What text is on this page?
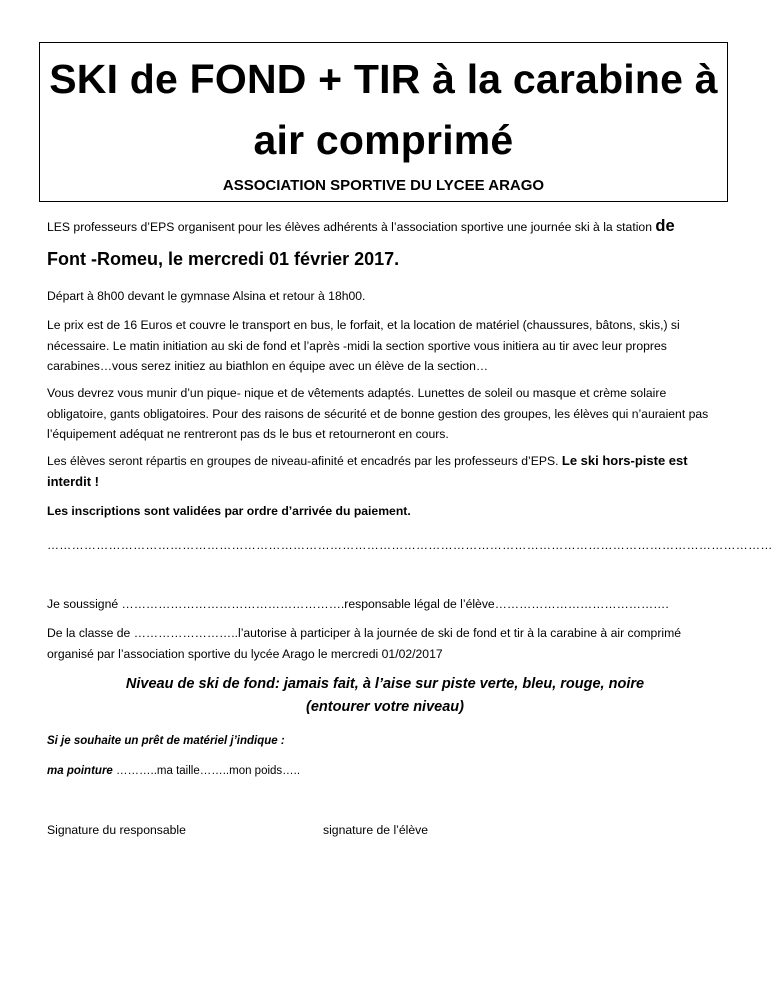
SKI de FOND + TIR à la carabine à air comprimé
ASSOCIATION SPORTIVE DU LYCEE ARAGO
LES professeurs d’EPS organisent pour les élèves adhérents à l’association sportive une journée ski à la station de
Font -Romeu, le mercredi 01 février 2017.
Départ à 8h00 devant le gymnase Alsina et retour à 18h00.
Le prix est de 16 Euros et couvre le transport en bus, le forfait, et la location de matériel (chaussures, bâtons, skis,) si nécessaire. Le matin initiation au ski de fond et l’après -midi la section sportive vous initiera au tir avec leur propres carabines…vous serez initiez au biathlon en équipe avec un élève de la section…
Vous devrez vous munir d’un pique- nique et de vêtements adaptés. Lunettes de soleil ou masque et crème solaire obligatoire, gants obligatoires. Pour des raisons de sécurité et de bonne gestion des groupes, les élèves qui n’auraient pas l’équipement adéquat ne rentreront pas ds le bus et retourneront en cours.
Les élèves seront répartis en groupes de niveau-afinité et encadrés par les professeurs d’EPS. Le ski hors-piste est interdit !
Les inscriptions sont validées par ordre d’arrivée du paiement.
……………………………………………………………………………………………………………………………………………………………
Je soussigné ……………………………………………….responsable légal de l’élève…………………………………….
De la classe de ……………………..l’autorise à participer à la journée de ski de fond et tir à la carabine à air comprimé organisé par l’association sportive du lycée Arago le mercredi 01/02/2017
Niveau de ski de fond: jamais fait, à l’aise sur piste verte, bleu, rouge, noire
(entourer votre niveau)
Si je souhaite un prêt de matériel j’indique :
ma pointure ………..ma taille……..mon poids…..
Signature du responsable	signature de l’élève
